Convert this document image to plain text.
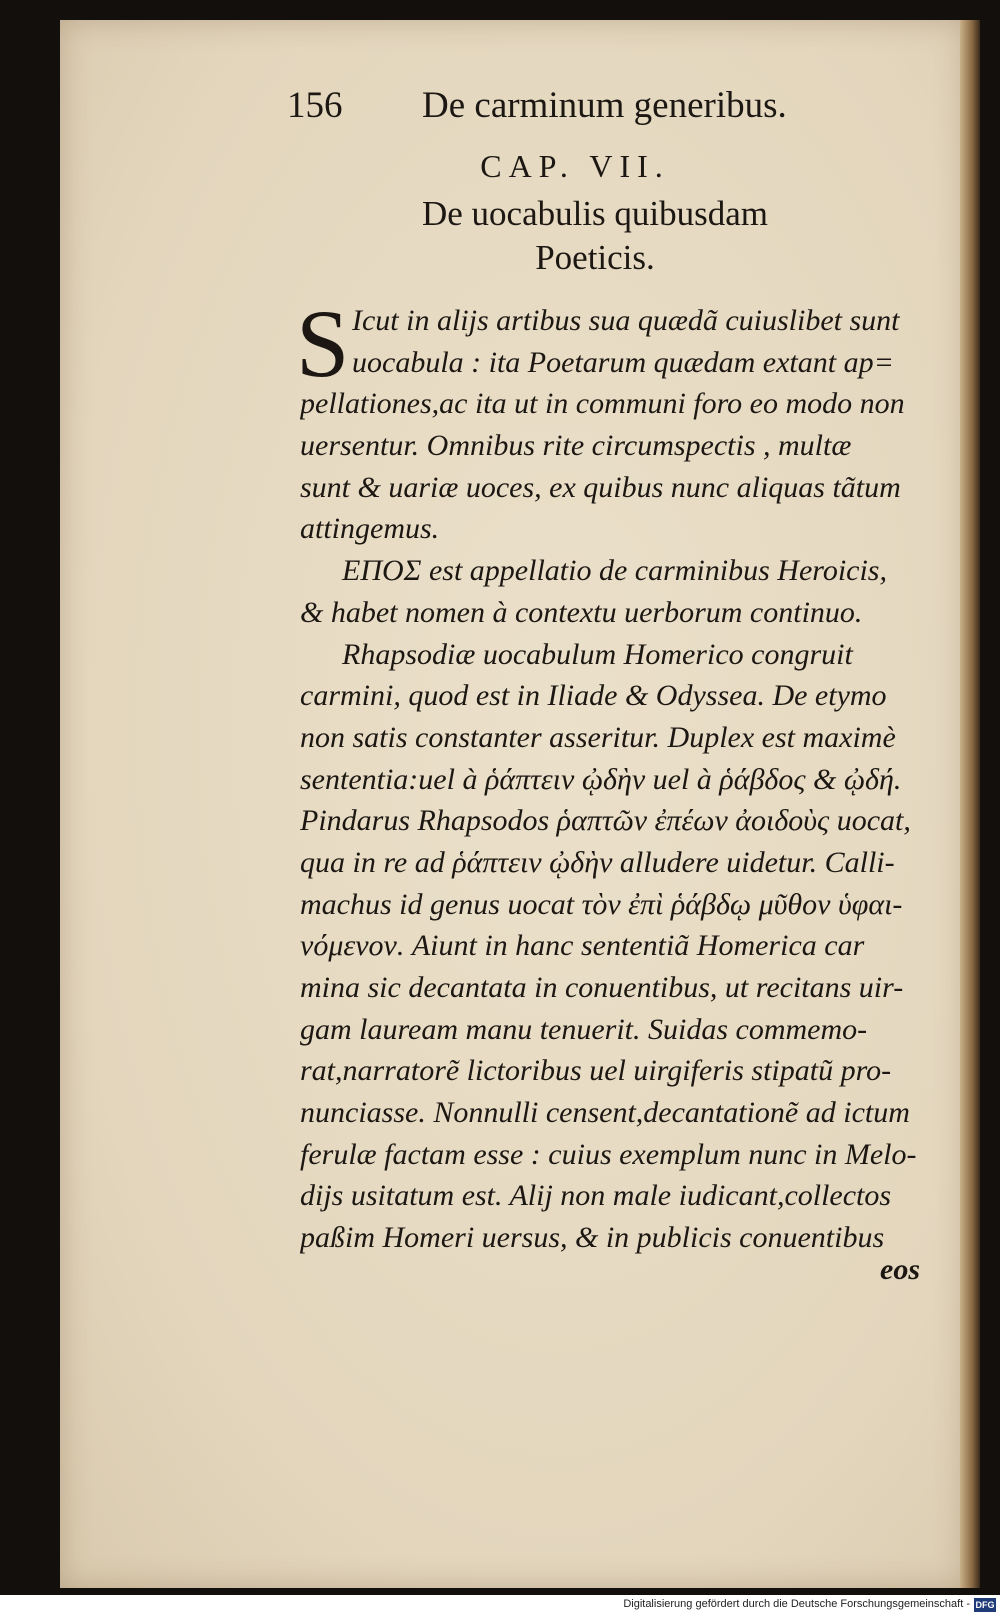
156 De carminum generibus.
CAP. VII.
De uocabulis quibusdam
Poeticis.
S Icut in alijs artibus sua quædã cuiuslibet sunt
uocabula : ita Poetarum quædam extant ap=
pellationes,ac ita ut in communi foro eo modo non
uersentur. Omnibus rite circumspectis , multæ
sunt & uariæ uoces, ex quibus nunc aliquas tãtum
attingemus.
ΕΠΟΣ est appellatio de carminibus Heroicis,
& habet nomen à contextu uerborum continuo.
Rhapsodiæ uocabulum Homerico congruit
carmini, quod est in Iliade & Odyssea. De etymo
non satis constanter asseritur. Duplex est maximè
sententia:uel à ῥάπτειν ᾠδὴν uel à ῥάβδος & ᾠδή.
Pindarus Rhapsodos ῥαπτῶν ἐπέων ἀοιδοὺς uocat,
qua in re ad ῥάπτειν ᾠδὴν alludere uidetur. Calli-
machus id genus uocat τὸν ἐπὶ ῥάβδῳ μῦθον ὑφαι-
νόμενον. Aiunt in hanc sententiã Homerica car
mina sic decantata in conuentibus, ut recitans uir-
gam lauream manu tenuerit. Suidas commemo-
rat,narratorẽ lictoribus uel uirgiferis stipatũ pro-
nunciasse. Nonnulli censent,decantationẽ ad ictum
ferulæ factam esse : cuius exemplum nunc in Melo-
dijs usitatum est. Alij non male iudicant,collectos
paßim Homeri uersus, & in publicis conuentibus
eos
Digitalisierung gefördert durch die Deutsche Forschungsgemeinschaft - DFG
